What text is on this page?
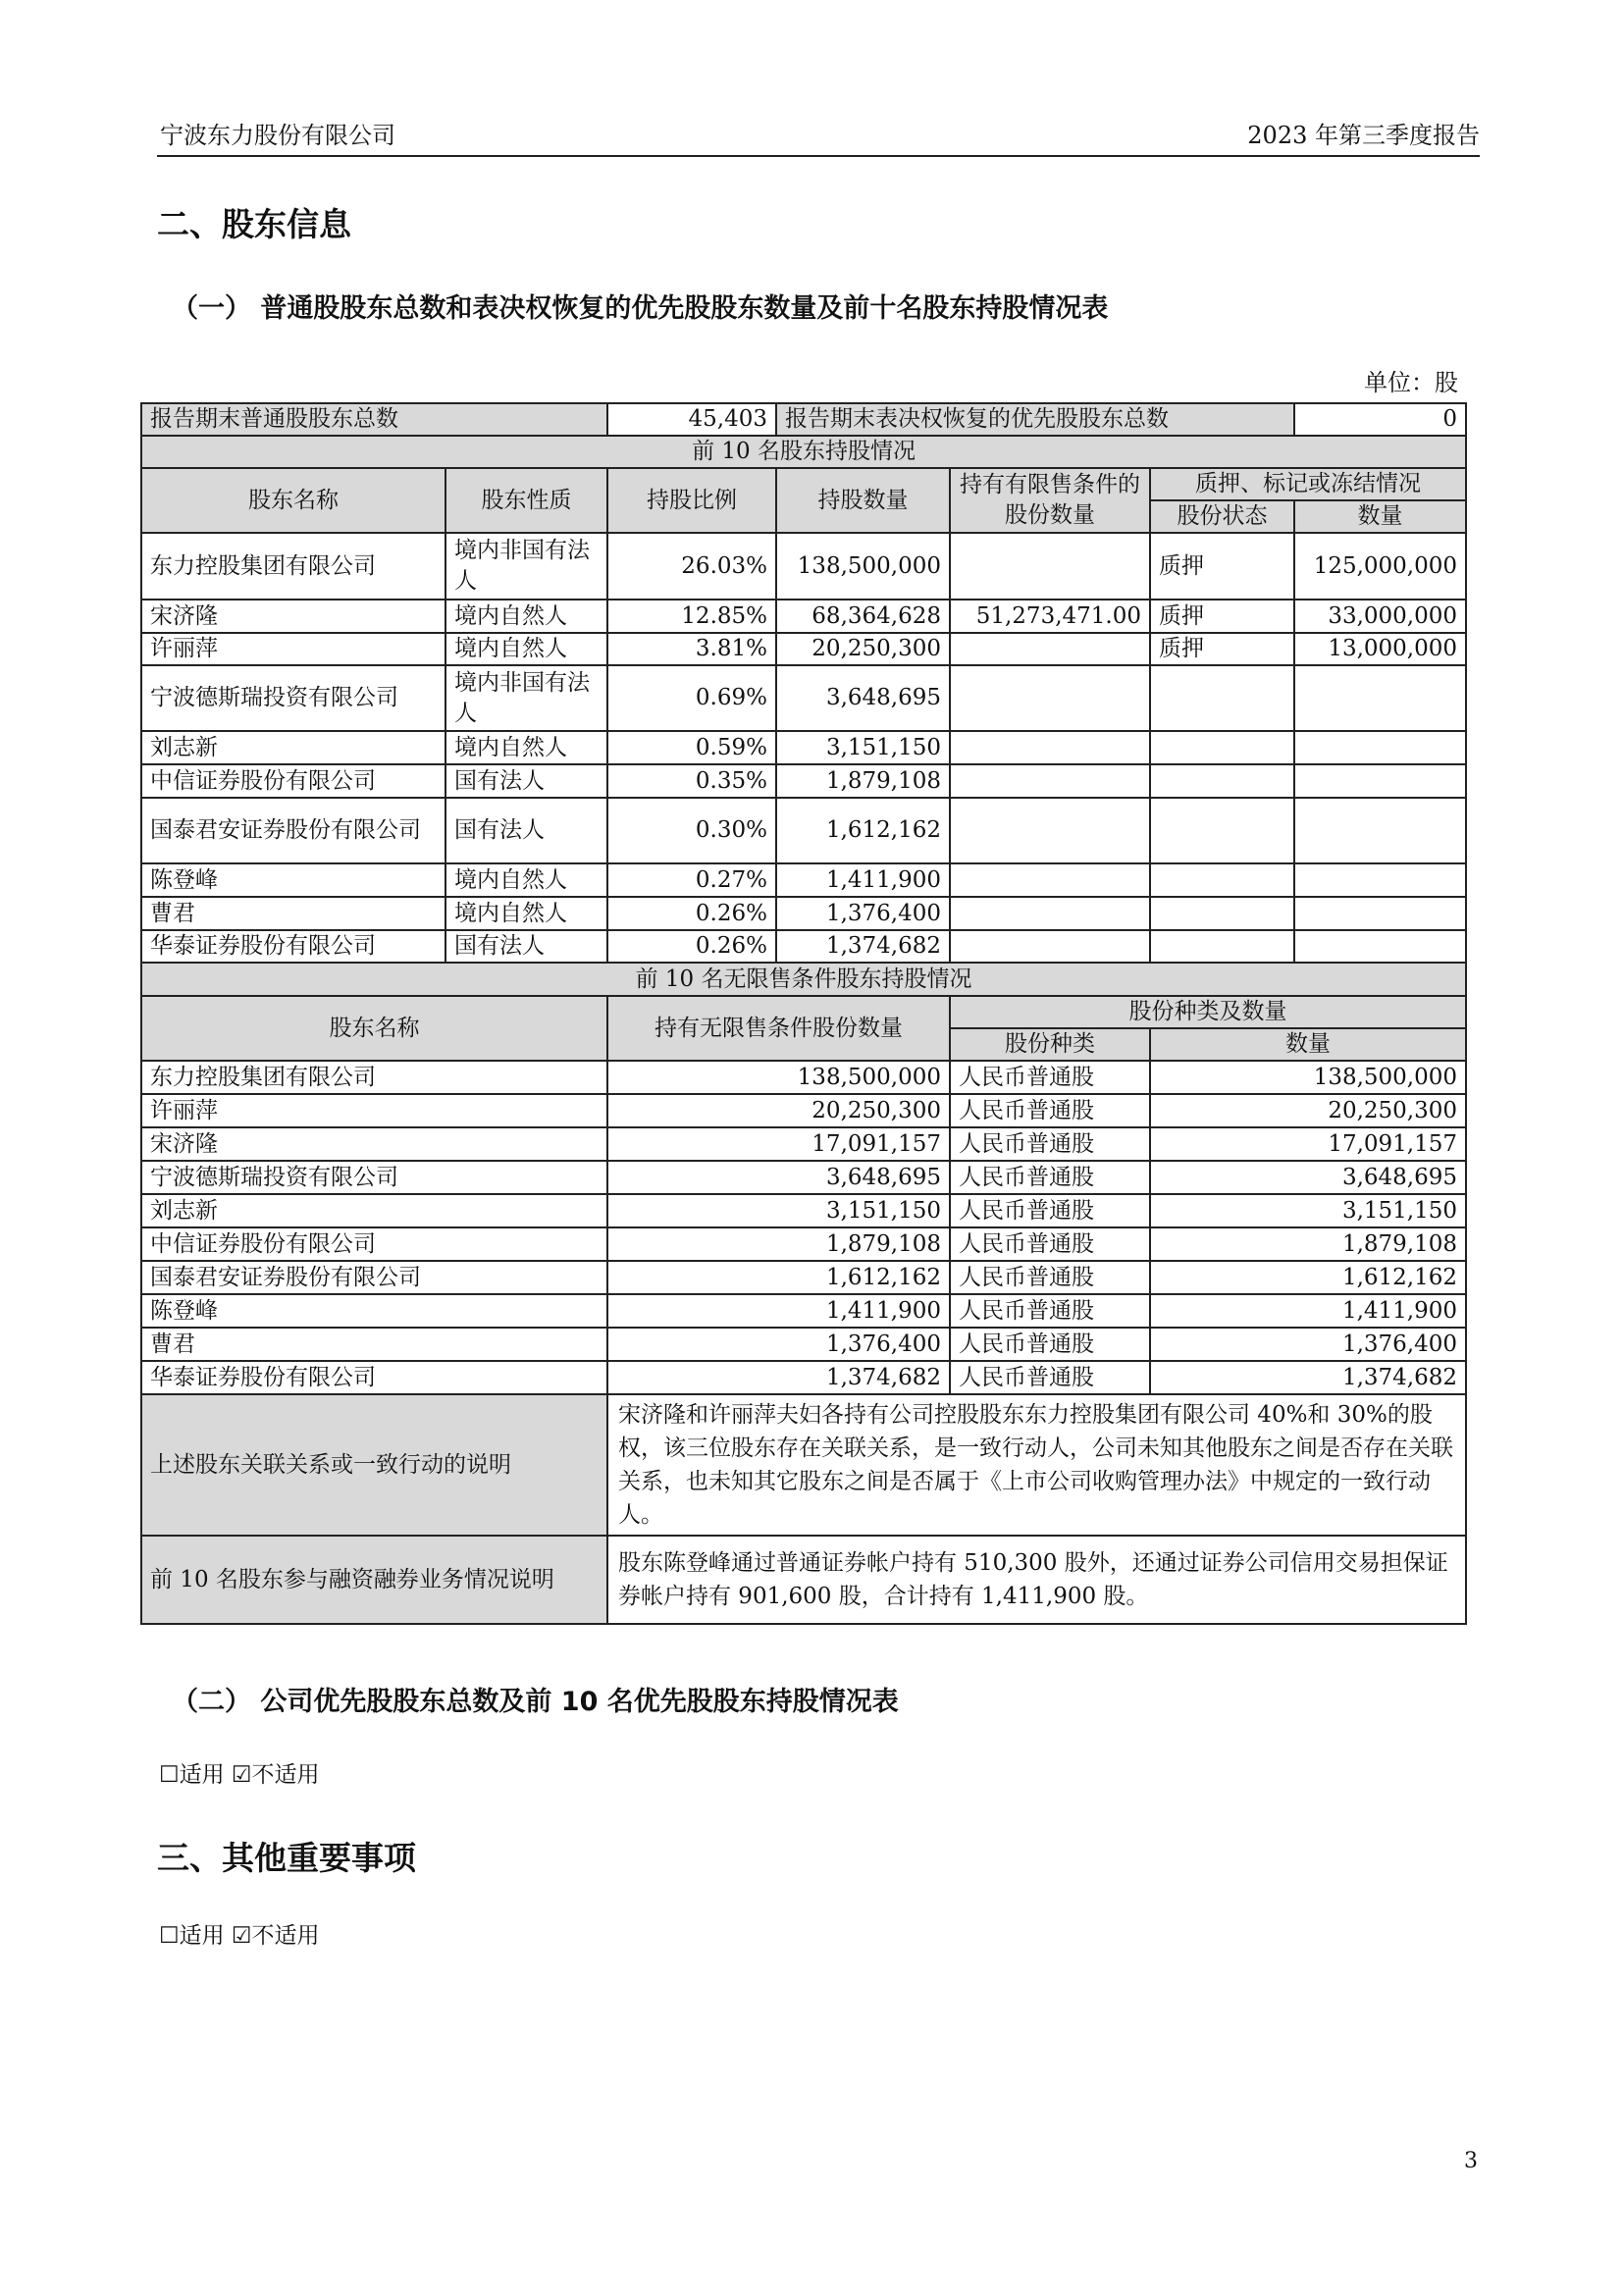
宁波东力股份有限公司	2023 年第三季度报告
二、股东信息
（一） 普通股股东总数和表决权恢复的优先股股东数量及前十名股东持股情况表
单位：股
报告期末普通股股东总数		45,403	报告期末表决权恢复的优先股股东总数			0
前 10 名股东持股情况						
股东名称	股东性质	持股比例	持股数量	持有有限售条件的股份数量	质押、标记或冻结情况	
					股份状态	数量
东力控股集团有限公司	境内非国有法人	26.03%	138,500,000		质押	125,000,000
宋济隆	境内自然人	12.85%	68,364,628	51,273,471.00	质押	33,000,000
许丽萍	境内自然人	3.81%	20,250,300		质押	13,000,000
宁波德斯瑞投资有限公司	境内非国有法人	0.69%	3,648,695			
刘志新	境内自然人	0.59%	3,151,150			
中信证券股份有限公司	国有法人	0.35%	1,879,108			
国泰君安证券股份有限公司	国有法人	0.30%	1,612,162			
陈登峰	境内自然人	0.27%	1,411,900			
曹君	境内自然人	0.26%	1,376,400			
华泰证券股份有限公司	国有法人	0.26%	1,374,682			
前 10 名无限售条件股东持股情况						
股东名称		持有无限售条件股份数量		股份种类及数量		
				股份种类	数量	
东力控股集团有限公司		138,500,000		人民币普通股	138,500,000	
许丽萍		20,250,300		人民币普通股	20,250,300	
宋济隆		17,091,157		人民币普通股	17,091,157	
宁波德斯瑞投资有限公司		3,648,695		人民币普通股	3,648,695	
刘志新		3,151,150		人民币普通股	3,151,150	
中信证券股份有限公司		1,879,108		人民币普通股	1,879,108	
国泰君安证券股份有限公司		1,612,162		人民币普通股	1,612,162	
陈登峰		1,411,900		人民币普通股	1,411,900	
曹君		1,376,400		人民币普通股	1,376,400	
华泰证券股份有限公司		1,374,682		人民币普通股	1,374,682	
上述股东关联关系或一致行动的说明		宋济隆和许丽萍夫妇各持有公司控股股东东力控股集团有限公司 40%和 30%的股权，该三位股东存在关联关系，是一致行动人，公司未知其他股东之间是否存在关联关系，也未知其它股东之间是否属于《上市公司收购管理办法》中规定的一致行动人。				
前 10 名股东参与融资融券业务情况说明		股东陈登峰通过普通证券帐户持有 510,300 股外，还通过证券公司信用交易担保证券帐户持有 901,600 股，合计持有 1,411,900 股。				
（二） 公司优先股股东总数及前 10 名优先股股东持股情况表
☐适用 ☑不适用
三、其他重要事项
☐适用 ☑不适用
3
